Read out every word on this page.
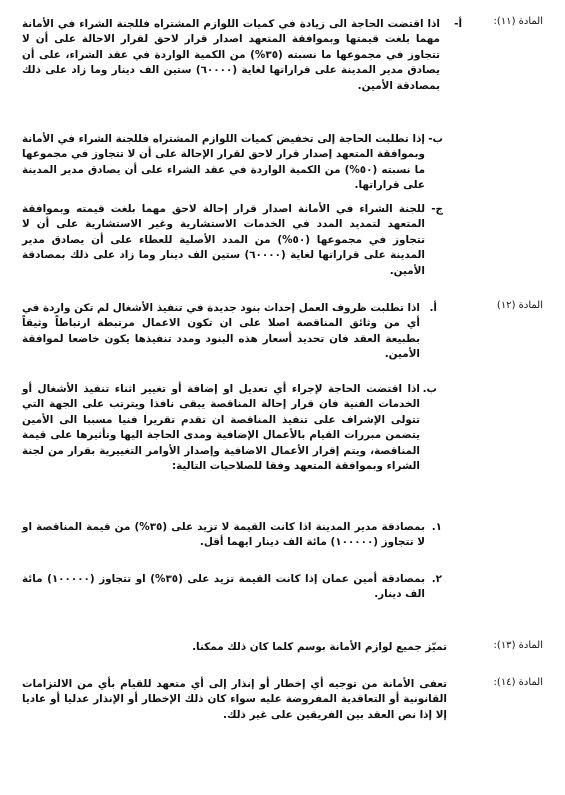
المادة (١١):
أ-
اذا اقتضت الحاجة الى زيادة في كميات اللوازم المشتراه فللجنة الشراء في الأمانة مهما بلغت قيمتها وبموافقة المتعهد اصدار قرار لاحق لقرار الاحالة على أن لا تتجاوز في مجموعها ما نسبته (٣٥%) من الكمية الواردة في عقد الشراء، على أن يصادق مدير المدينة على قراراتها لغاية (٦٠٠٠٠) ستين الف دينار وما زاد على ذلك بمصادقة الأمين.
ب-
إذا تطلبت الحاجة إلى تخفيض كميات اللوازم المشتراه فللجنة الشراء في الأمانة وبموافقة المتعهد إصدار قرار لاحق لقرار الإحالة على أن لا تتجاوز في مجموعها ما نسبته (٥٠%) من الكمية الواردة في عقد الشراء على أن يصادق مدير المدينة على قراراتها.
ج-
للجنة الشراء في الأمانة اصدار قرار إحالة لاحق مهما بلغت قيمته وبموافقة المتعهد لتمديد المدد في الخدمات الاستشارية وغير الاستشارية على أن لا تتجاوز في مجموعها (٥٠%) من المدد الأصلية للعطاء على أن يصادق مدير المدينة على قراراتها لغاية (٦٠٠٠٠) ستين الف دينار وما زاد على ذلك بمصادقة الأمين.
المادة (١٢)
أ.
اذا تطلبت ظروف العمل إحداث بنود جديدة في تنفيذ الأشغال لم تكن واردة في أي من وثائق المناقصة اصلا على ان تكون الاعمال مرتبطة ارتباطاً وثيقاً بطبيعة العقد فان تحديد أسعار هذه البنود ومدد تنفيذها يكون خاضعا لموافقة الأمين.
ب.
اذا اقتضت الحاجة لإجراء أي تعديل او إضافة أو تغيير اثناء تنفيذ الأشغال أو الخدمات الفنية فان قرار إحالة المناقصة يبقى نافذا ويترتب على الجهة التي تتولى الإشراف على تنفيذ المناقصة ان تقدم تقريرا فنيا مسببا الى الأمين يتضمن مبررات القيام بالأعمال الإضافية ومدى الحاجة اليها وتأثيرها على قيمة المناقصة، ويتم إقرار الأعمال الاضافية وإصدار الأوامر التغييرية بقرار من لجنة الشراء وبموافقة المتعهد وفقا للصلاحيات التالية:
١.
بمصادقة مدير المدينة اذا كانت القيمة لا تزيد على (٣٥%) من قيمة المناقصة او لا تتجاوز (١٠٠٠٠٠) مائة الف دينار ايهما أقل.
٢.
بمصادقة أمين عمان إذا كانت القيمة تزيد على (٣٥%) او تتجاوز (١٠٠٠٠٠) مائة الف دينار.
المادة (١٣):
تميّز جميع لوازم الأمانة بوسم كلما كان ذلك ممكنا.
المادة (١٤):
تعفى الأمانة من توجيه أي إخطار أو إنذار إلى أي متعهد للقيام بأي من الالتزامات القانونية أو التعاقدية المفروضة عليه سواء كان ذلك الإخطار أو الإنذار عدليا أو عاديا إلا إذا نص العقد بين الفريقين على غير ذلك.
